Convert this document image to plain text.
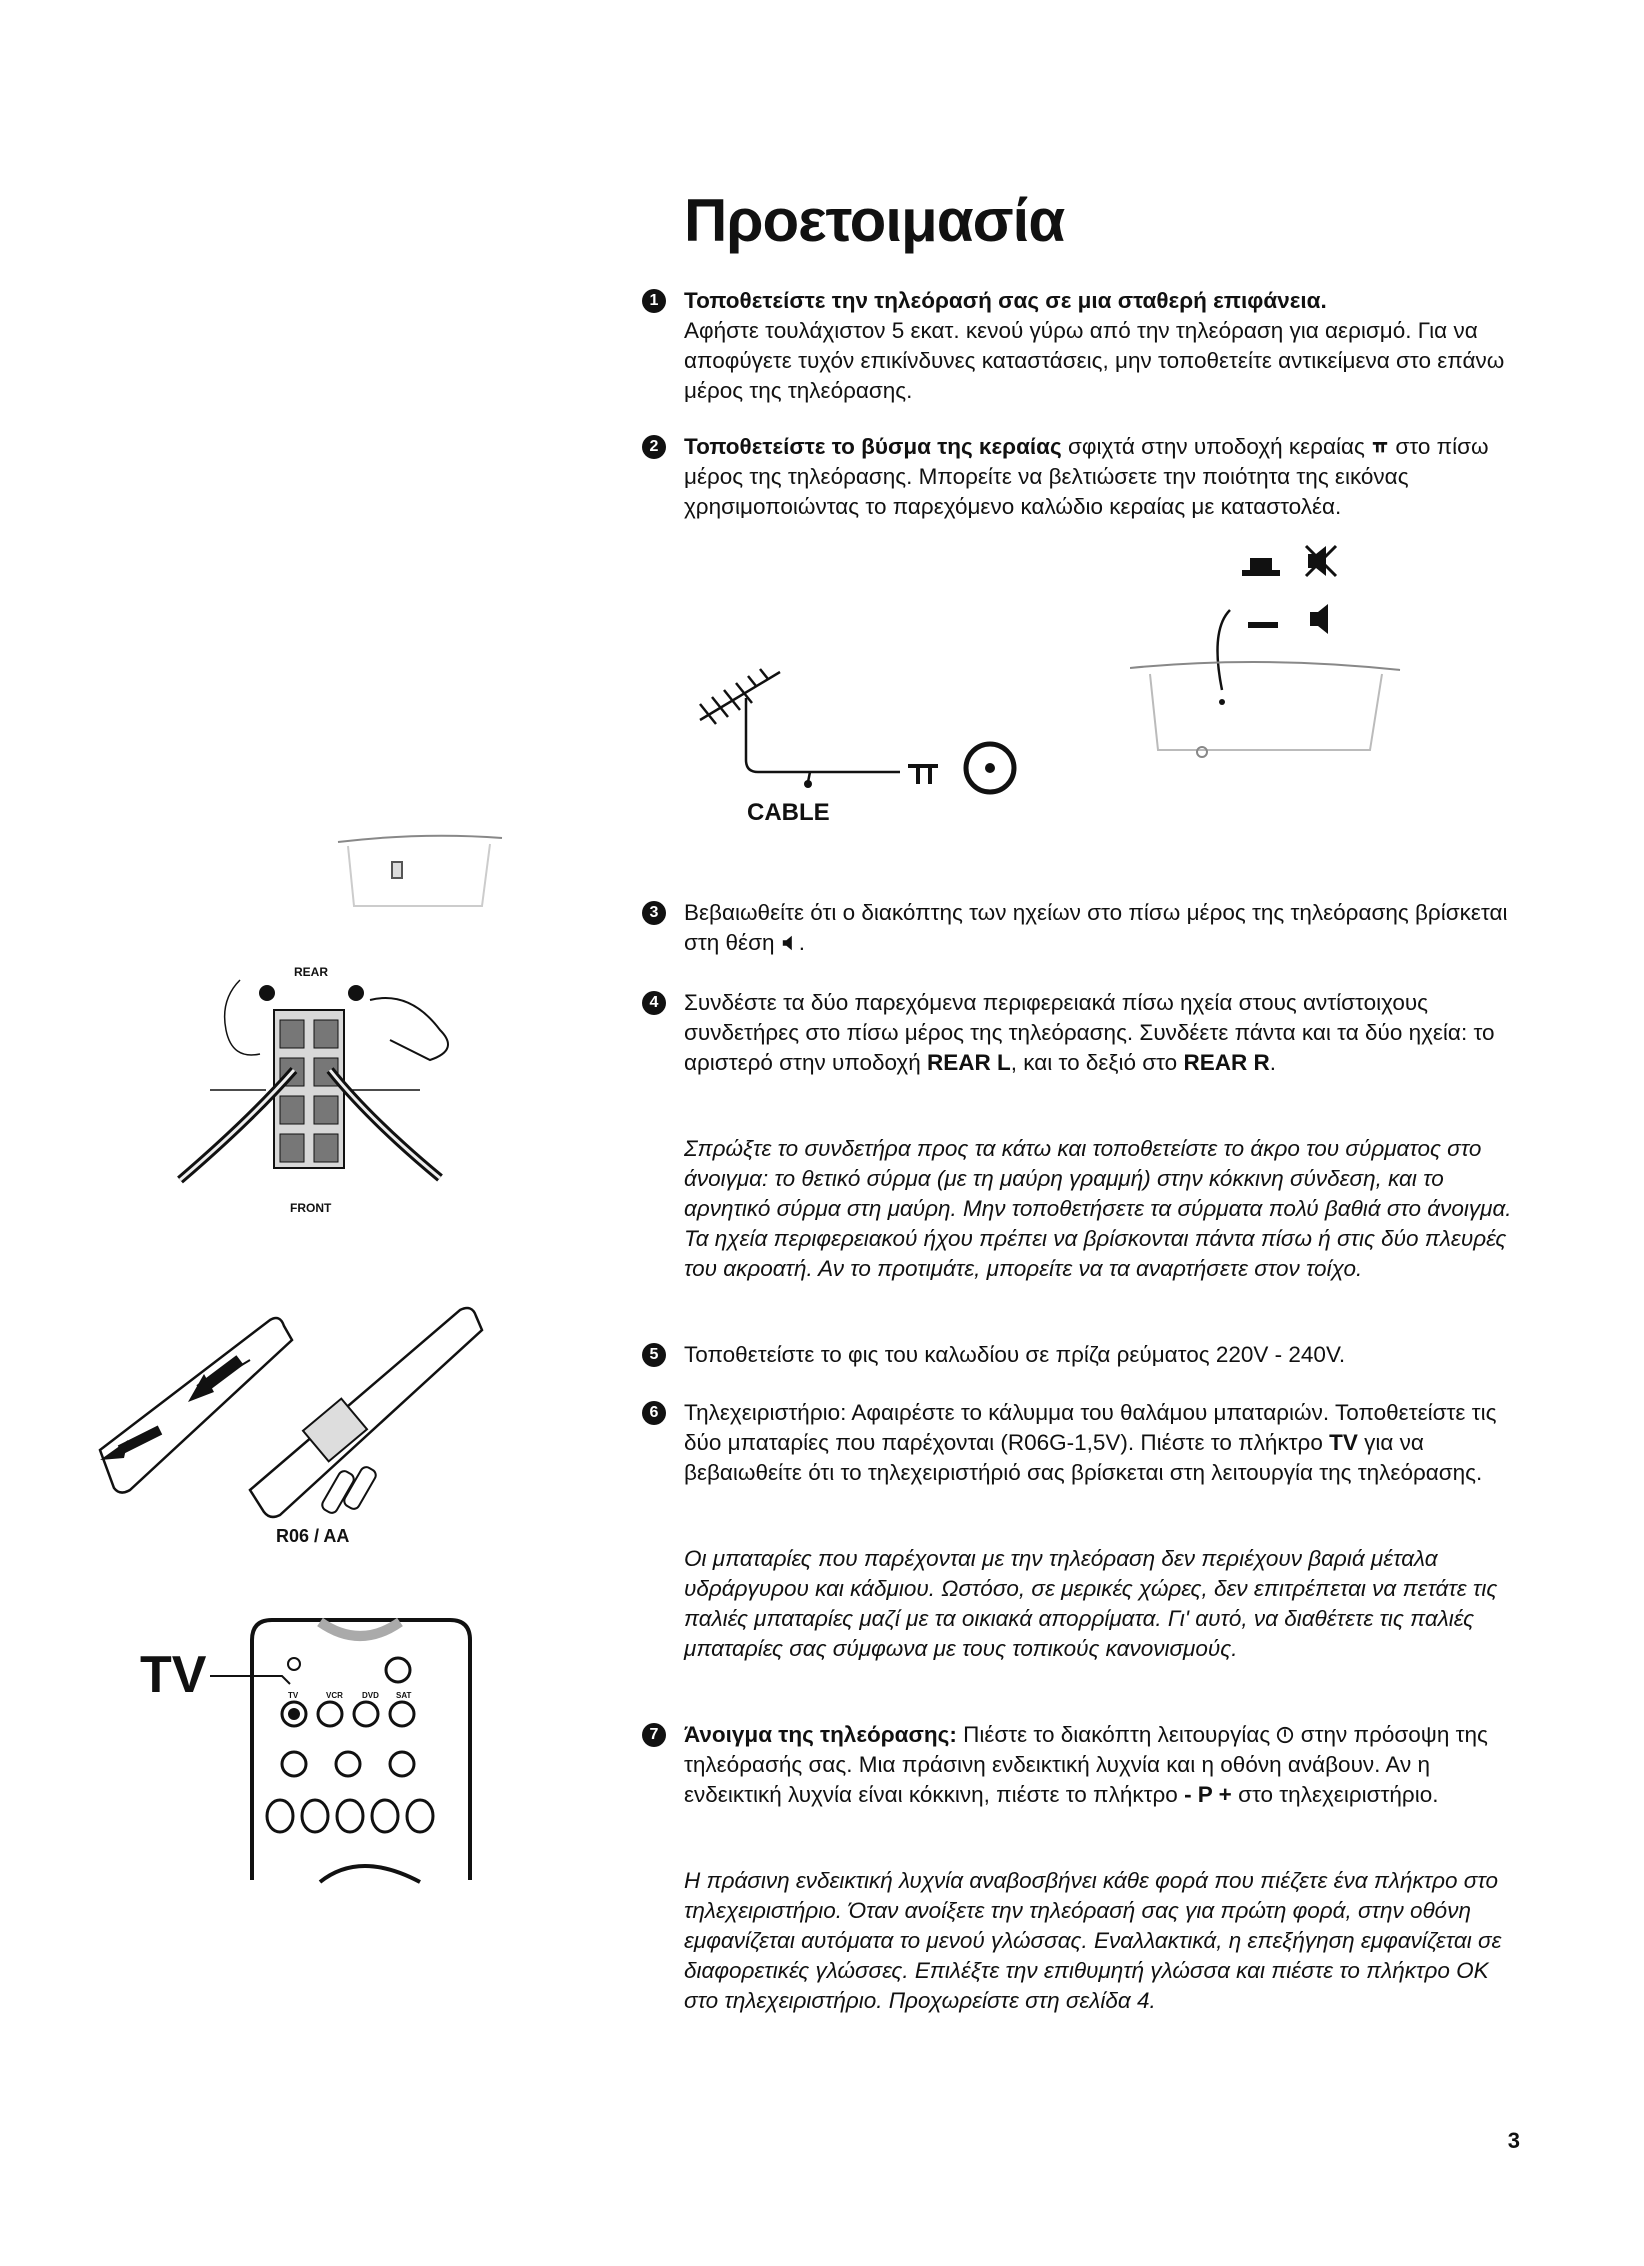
Προετοιμασία
1	Τοποθετείστε την τηλεόρασή σας σε μια σταθερή επιφάνεια.
Αφήστε τουλάχιστον 5 εκατ. κενού γύρω από την τηλεόραση για αερισμό. Για να αποφύγετε τυχόν επικίνδυνες καταστάσεις, μην τοποθετείτε αντικείμενα στο επάνω μέρος της τηλεόρασης.
2	Τοποθετείστε το βύσμα της κεραίας σφιχτά στην υποδοχή κεραίας στο πίσω μέρος της τηλεόρασης. Μπορείτε να βελτιώσετε την ποιότητα της εικόνας χρησιμοποιώντας το παρεχόμενο καλώδιο κεραίας με καταστολέα.
CABLE
3	Βεβαιωθείτε ότι ο διακόπτης των ηχείων στο πίσω μέρος της τηλεόρασης βρίσκεται στη θέση .
REAR
FRONT
4	Συνδέστε τα δύο παρεχόμενα περιφερειακά πίσω ηχεία στους αντίστοιχους συνδετήρες στο πίσω μέρος της τηλεόρασης. Συνδέετε πάντα και τα δύο ηχεία: το αριστερό στην υποδοχή REAR L, και το δεξιό στο REAR R.
Σπρώξτε το συνδετήρα προς τα κάτω και τοποθετείστε το άκρο του σύρματος στο άνοιγμα: το θετικό σύρμα (με τη μαύρη γραμμή) στην κόκκινη σύνδεση, και το αρνητικό σύρμα στη μαύρη. Μην τοποθετήσετε τα σύρματα πολύ βαθιά στο άνοιγμα. Τα ηχεία περιφερειακού ήχου πρέπει να βρίσκονται πάντα πίσω ή στις δύο πλευρές του ακροατή. Αν το προτιμάτε, μπορείτε να τα αναρτήσετε στον τοίχο.
R06 / AA
5	Τοποθετείστε το φις του καλωδίου σε πρίζα ρεύματος 220V - 240V.
6	Τηλεχειριστήριο: Αφαιρέστε το κάλυμμα του θαλάμου μπαταριών. Τοποθετείστε τις δύο μπαταρίες που παρέχονται (R06G-1,5V). Πιέστε το πλήκτρο TV για να βεβαιωθείτε ότι το τηλεχειριστήριό σας βρίσκεται στη λειτουργία της τηλεόρασης.
Οι μπαταρίες που παρέχονται με την τηλεόραση δεν περιέχουν βαριά μέταλα υδράργυρου και κάδμιου. Ωστόσο, σε μερικές χώρες, δεν επιτρέπεται να πετάτε τις παλιές μπαταρίες μαζί με τα οικιακά απορρίματα. Γι' αυτό, να διαθέτετε τις παλιές μπαταρίες σας σύμφωνα με τους τοπικούς κανονισμούς.
TV	TV	VCR DVD SAT
7	Άνοιγμα της τηλεόρασης: Πιέστε το διακόπτη λειτουργίας στην πρόσοψη της τηλεόρασής σας. Μια πράσινη ενδεικτική λυχνία και η οθόνη ανάβουν. Αν η ενδεικτική λυχνία είναι κόκκινη, πιέστε το πλήκτρο - P + στο τηλεχειριστήριο.
Η πράσινη ενδεικτική λυχνία αναβοσβήνει κάθε φορά που πιέζετε ένα πλήκτρο στο τηλεχειριστήριο. Όταν ανοίξετε την τηλεόρασή σας για πρώτη φορά, στην οθόνη εμφανίζεται αυτόματα το μενού γλώσσας. Εναλλακτικά, η επεξήγηση εμφανίζεται σε διαφορετικές γλώσσες. Επιλέξτε την επιθυμητή γλώσσα και πιέστε το πλήκτρο ΟΚ στο τηλεχειριστήριο. Προχωρείστε στη σελίδα 4.
3
